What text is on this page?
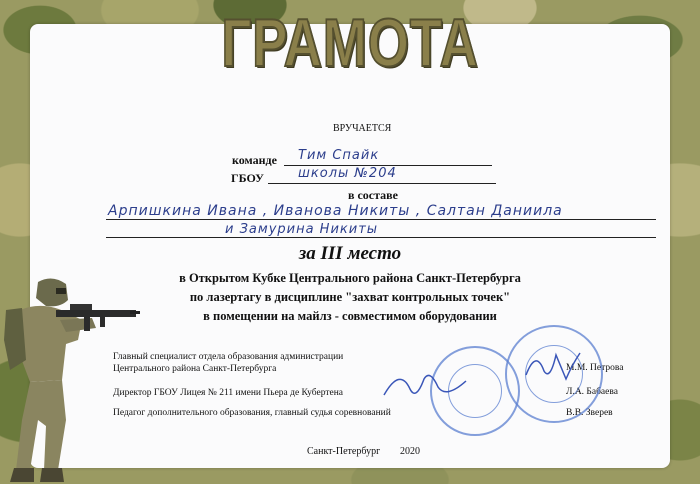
ГРАМОТА
ВРУЧАЕТСЯ
команде Тим Спайк
ГБОУ	школы №204
в составе
Арпишкина Ивана , Иванова Никиты , Салтан Даниила
и Замурина Никиты
за III место
в Открытом Кубке Центрального района Санкт-Петербурга
по лазертагу в дисциплине "захват контрольных точек"
в помещении на майлз - совместимом оборудовании
Главный специалист отдела образования администрации Центрального района Санкт-Петербурга	М.М. Петрова
Директор ГБОУ Лицея № 211 имени Пьера де Кубертена	Л.А. Бабаева
Педагог дополнительного образования, главный судья соревнований	В.В. Зверев
Санкт-Петербург 2020
